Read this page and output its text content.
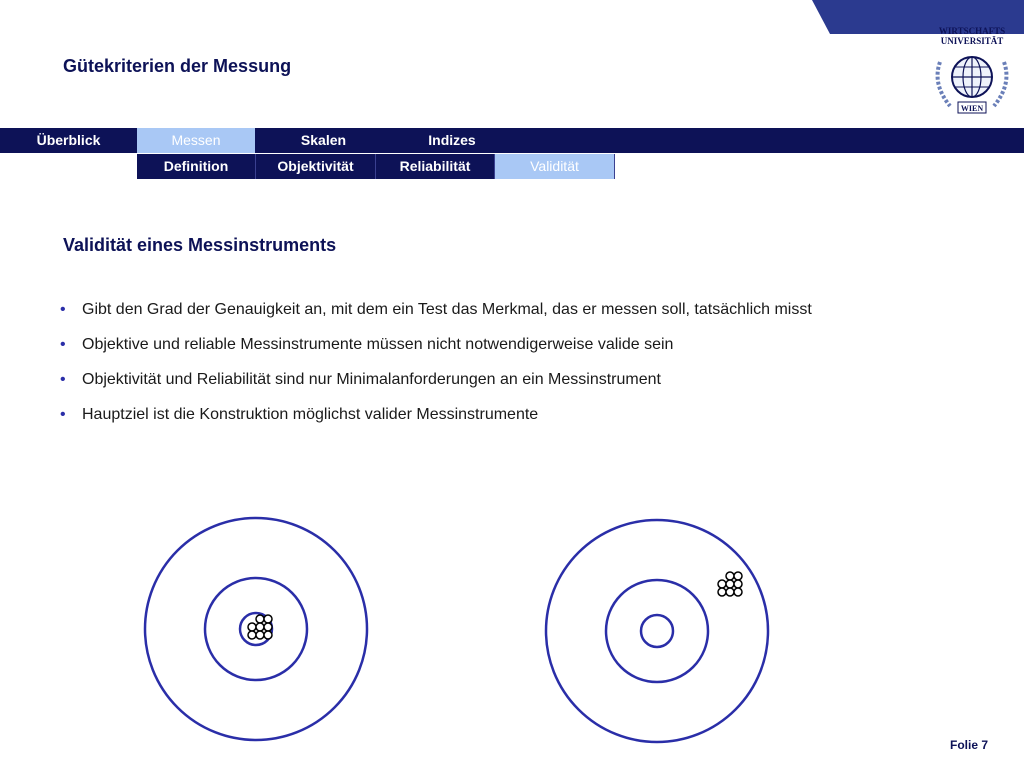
Gütekriterien der Messung
WIRTSCHAFTS
UNIVERSITÄT
WIEN
Überblick	Messen	Skalen	Indizes
Definition	Objektivität	Reliabilität	Validität
Validität eines Messinstruments
• Gibt den Grad der Genauigkeit an, mit dem ein Test das Merkmal, das er messen soll, tatsächlich misst
• Objektive und reliable Messinstrumente müssen nicht notwendigerweise valide sein
• Objektivität und Reliabilität sind nur Minimalanforderungen an ein Messinstrument
• Hauptziel ist die Konstruktion möglichst valider Messinstrumente
Folie 7
